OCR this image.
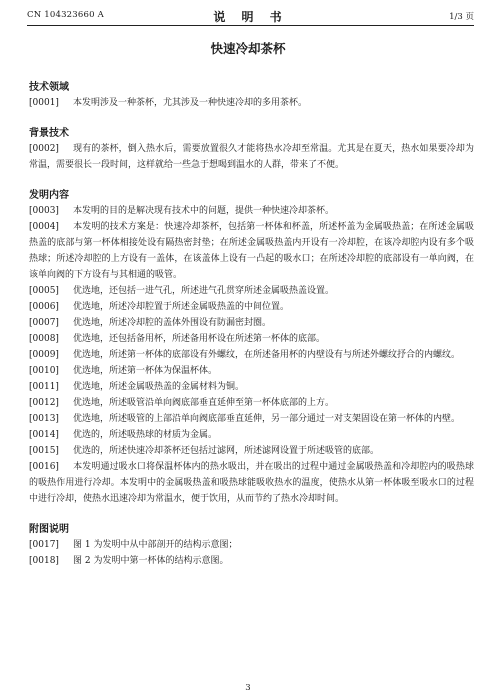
CN 104323660 A	说 明 书	1/3 页
快速冷却茶杯
技术领域
[0001] 本发明涉及一种茶杯，尤其涉及一种快速冷却的多用茶杯。
背景技术
[0002] 现有的茶杯，倒入热水后，需要放置很久才能将热水冷却至常温。尤其是在夏天，热水如果要冷却为常温，需要很长一段时间，这样就给一些急于想喝到温水的人群，带来了不便。
发明内容
[0003] 本发明的目的是解决现有技术中的问题，提供一种快速冷却茶杯。
[0004] 本发明的技术方案是：快速冷却茶杯，包括第一杯体和杯盖，所述杯盖为金属吸热盖；在所述金属吸热盖的底部与第一杯体相接处设有隔热密封垫；在所述金属吸热盖内开设有一冷却腔，在该冷却腔内设有多个吸热球；所述冷却腔的上方设有一盖体，在该盖体上设有一凸起的吸水口；在所述冷却腔的底部设有一单向阀，在该单向阀的下方设有与其相通的吸管。
[0005] 优选地，还包括一进气孔，所述进气孔贯穿所述金属吸热盖设置。
[0006] 优选地，所述冷却腔置于所述金属吸热盖的中间位置。
[0007] 优选地，所述冷却腔的盖体外围设有防漏密封圈。
[0008] 优选地，还包括备用杯，所述备用杯设在所述第一杯体的底部。
[0009] 优选地，所述第一杯体的底部设有外螺纹，在所述备用杯的内壁设有与所述外螺纹抒合的内螺纹。
[0010] 优选地，所述第一杯体为保温杯体。
[0011] 优选地，所述金属吸热盖的金属材料为铜。
[0012] 优选地，所述吸管沿单向阀底部垂直延伸至第一杯体底部的上方。
[0013] 优选地，所述吸管的上部沿单向阀底部垂直延伸，另一部分通过一对支架固设在第一杯体的内壁。
[0014] 优选的，所述吸热球的材质为金属。
[0015] 优选的，所述快速冷却茶杯还包括过滤网，所述滤网设置于所述吸管的底部。
[0016] 本发明通过吸水口将保温杯体内的热水吸出，并在吸出的过程中通过金属吸热盖和冷却腔内的吸热球的吸热作用进行冷却。本发明中的金属吸热盖和吸热球能吸收热水的温度，使热水从第一杯体吸至吸水口的过程中进行冷却，使热水迅速冷却为常温水，便于饮用，从而节约了热水冷却时间。
附图说明
[0017] 图 1 为发明中从中部剖开的结构示意图；
[0018] 图 2 为发明中第一杯体的结构示意图。
3
